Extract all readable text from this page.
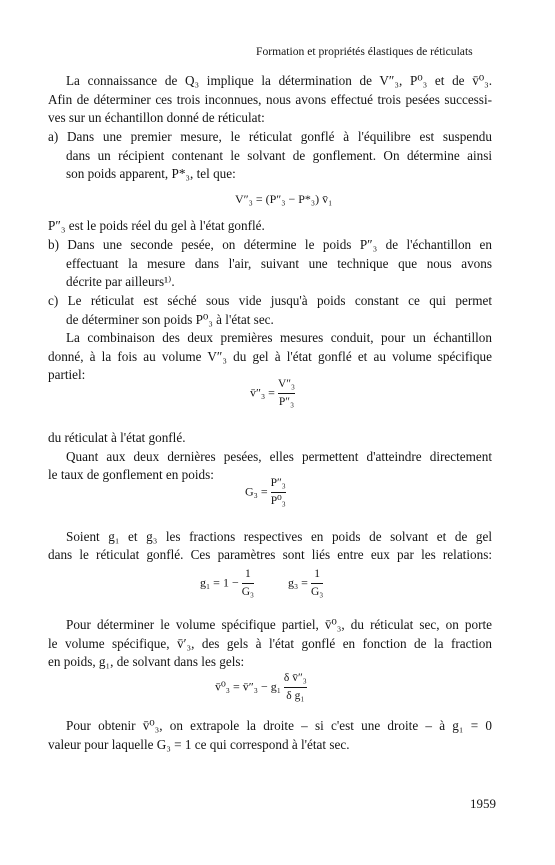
Formation et propriétés élastiques de réticulats
La connaissance de Q₃ implique la détermination de V″₃, P⁰₃ et de v̄⁰₃.
Afin de déterminer ces trois inconnues, nous avons effectué trois pesées successi-
ves sur un échantillon donné de réticulat:
a) Dans une premier mesure, le réticulat gonflé à l'équilibre est suspendu
dans un récipient contenant le solvant de gonflement. On détermine ainsi
son poids apparent, P*₃, tel que:
V″₃ = (P″₃ − P*₃) v̄₁
P″₃ est le poids réel du gel à l'état gonflé.
b) Dans une seconde pesée, on détermine le poids P″₃ de l'échantillon en
effectuant la mesure dans l'air, suivant une technique que nous avons
décrite par ailleurs¹⁾.
c) Le réticulat est séché sous vide jusqu'à poids constant ce qui permet
de déterminer son poids P⁰₃ à l'état sec.
La combinaison des deux premières mesures conduit, pour un échantillon
donné, à la fois au volume V″₃ du gel à l'état gonflé et au volume spécifique
partiel:
v̄″₃ = $\frac{\text{V″₃}}{\text{P″₃}}$
du réticulat à l'état gonflé.
Quant aux deux dernières pesées, elles permettent d'atteindre directement
le taux de gonflement en poids:
$G_3 = \frac{\text{P″₃}}{\text{P⁰₃}}$
Soient g₁ et g₃ les fractions respectives en poids de solvant et de gel
dans le réticulat gonflé. Ces paramètres sont liés entre eux par les relations:
$g_1 = 1 - \frac{1}{\text{G₃}}$	$g_3 = \frac{1}{\text{G₃}}$
Pour déterminer le volume spécifique partiel, v̄⁰₃, du réticulat sec, on porte
le volume spécifique, v̄′₃, des gels à l'état gonflé en fonction de la fraction
en poids, g₁, de solvant dans les gels:
v̄⁰₃ = v̄″₃ − $g_1 \frac{\text{δ v̄″₃}}{\text{δ g₁}}$
Pour obtenir v̄⁰₃, on extrapole la droite – si c'est une droite – à g₁ = 0
valeur pour laquelle G₃ = 1 ce qui correspond à l'état sec.
1959
